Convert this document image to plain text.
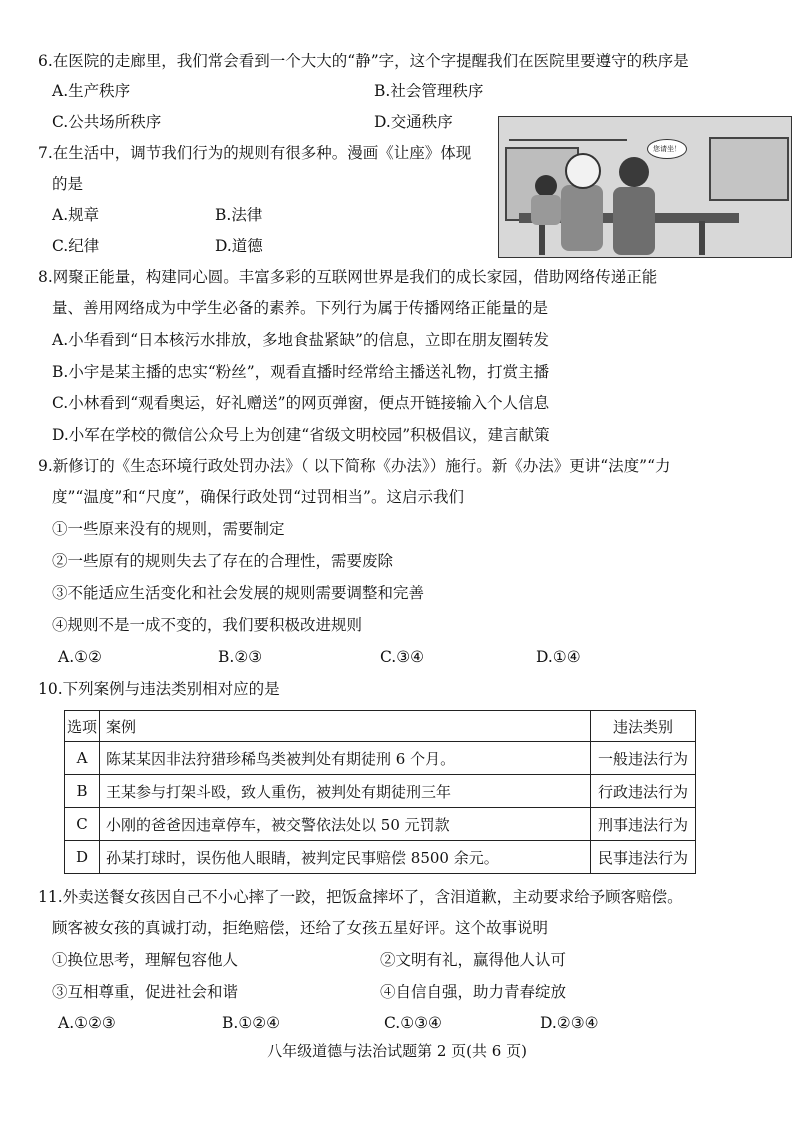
6.在医院的走廊里，我们常会看到一个大大的“静”字，这个字提醒我们在医院里要遵守的秩序是
A.生产秩序	B.社会管理秩序
C.公共场所秩序	D.交通秩序
7.在生活中，调节我们行为的规则有很多种。漫画《让座》体现
的是
A.规章	B.法律
C.纪律	D.道德
您请坐！
8.网聚正能量，构建同心圆。丰富多彩的互联网世界是我们的成长家园，借助网络传递正能
量、善用网络成为中学生必备的素养。下列行为属于传播网络正能量的是
A.小华看到“日本核污水排放，多地食盐紧缺”的信息，立即在朋友圈转发
B.小宇是某主播的忠实“粉丝”，观看直播时经常给主播送礼物，打赏主播
C.小林看到“观看奥运，好礼赠送”的网页弹窗，便点开链接输入个人信息
D.小军在学校的微信公众号上为创建“省级文明校园”积极倡议，建言献策
9.新修订的《生态环境行政处罚办法》（ 以下简称《办法》）施行。新《办法》更讲“法度”“力
度”“温度”和“尺度”，确保行政处罚“过罚相当”。这启示我们
①一些原来没有的规则，需要制定
②一些原有的规则失去了存在的合理性，需要废除
③不能适应生活变化和社会发展的规则需要调整和完善
④规则不是一成不变的，我们要积极改进规则
A.①②	B.②③	C.③④	D.①④
10.下列案例与违法类别相对应的是
选项	案例	违法类别
A	陈某某因非法狩猎珍稀鸟类被判处有期徒刑 6 个月。	一般违法行为
B	王某参与打架斗殴，致人重伤，被判处有期徒刑三年	行政违法行为
C	小刚的爸爸因违章停车，被交警依法处以 50 元罚款	刑事违法行为
D	孙某打球时，误伤他人眼睛，被判定民事赔偿 8500 余元。	民事违法行为
11.外卖送餐女孩因自己不小心摔了一跤，把饭盒摔坏了，含泪道歉，主动要求给予顾客赔偿。
顾客被女孩的真诚打动，拒绝赔偿，还给了女孩五星好评。这个故事说明
①换位思考，理解包容他人	②文明有礼，赢得他人认可
③互相尊重，促进社会和谐	④自信自强，助力青春绽放
A.①②③	B.①②④	C.①③④	D.②③④
八年级道德与法治试题第 2 页(共 6 页)
